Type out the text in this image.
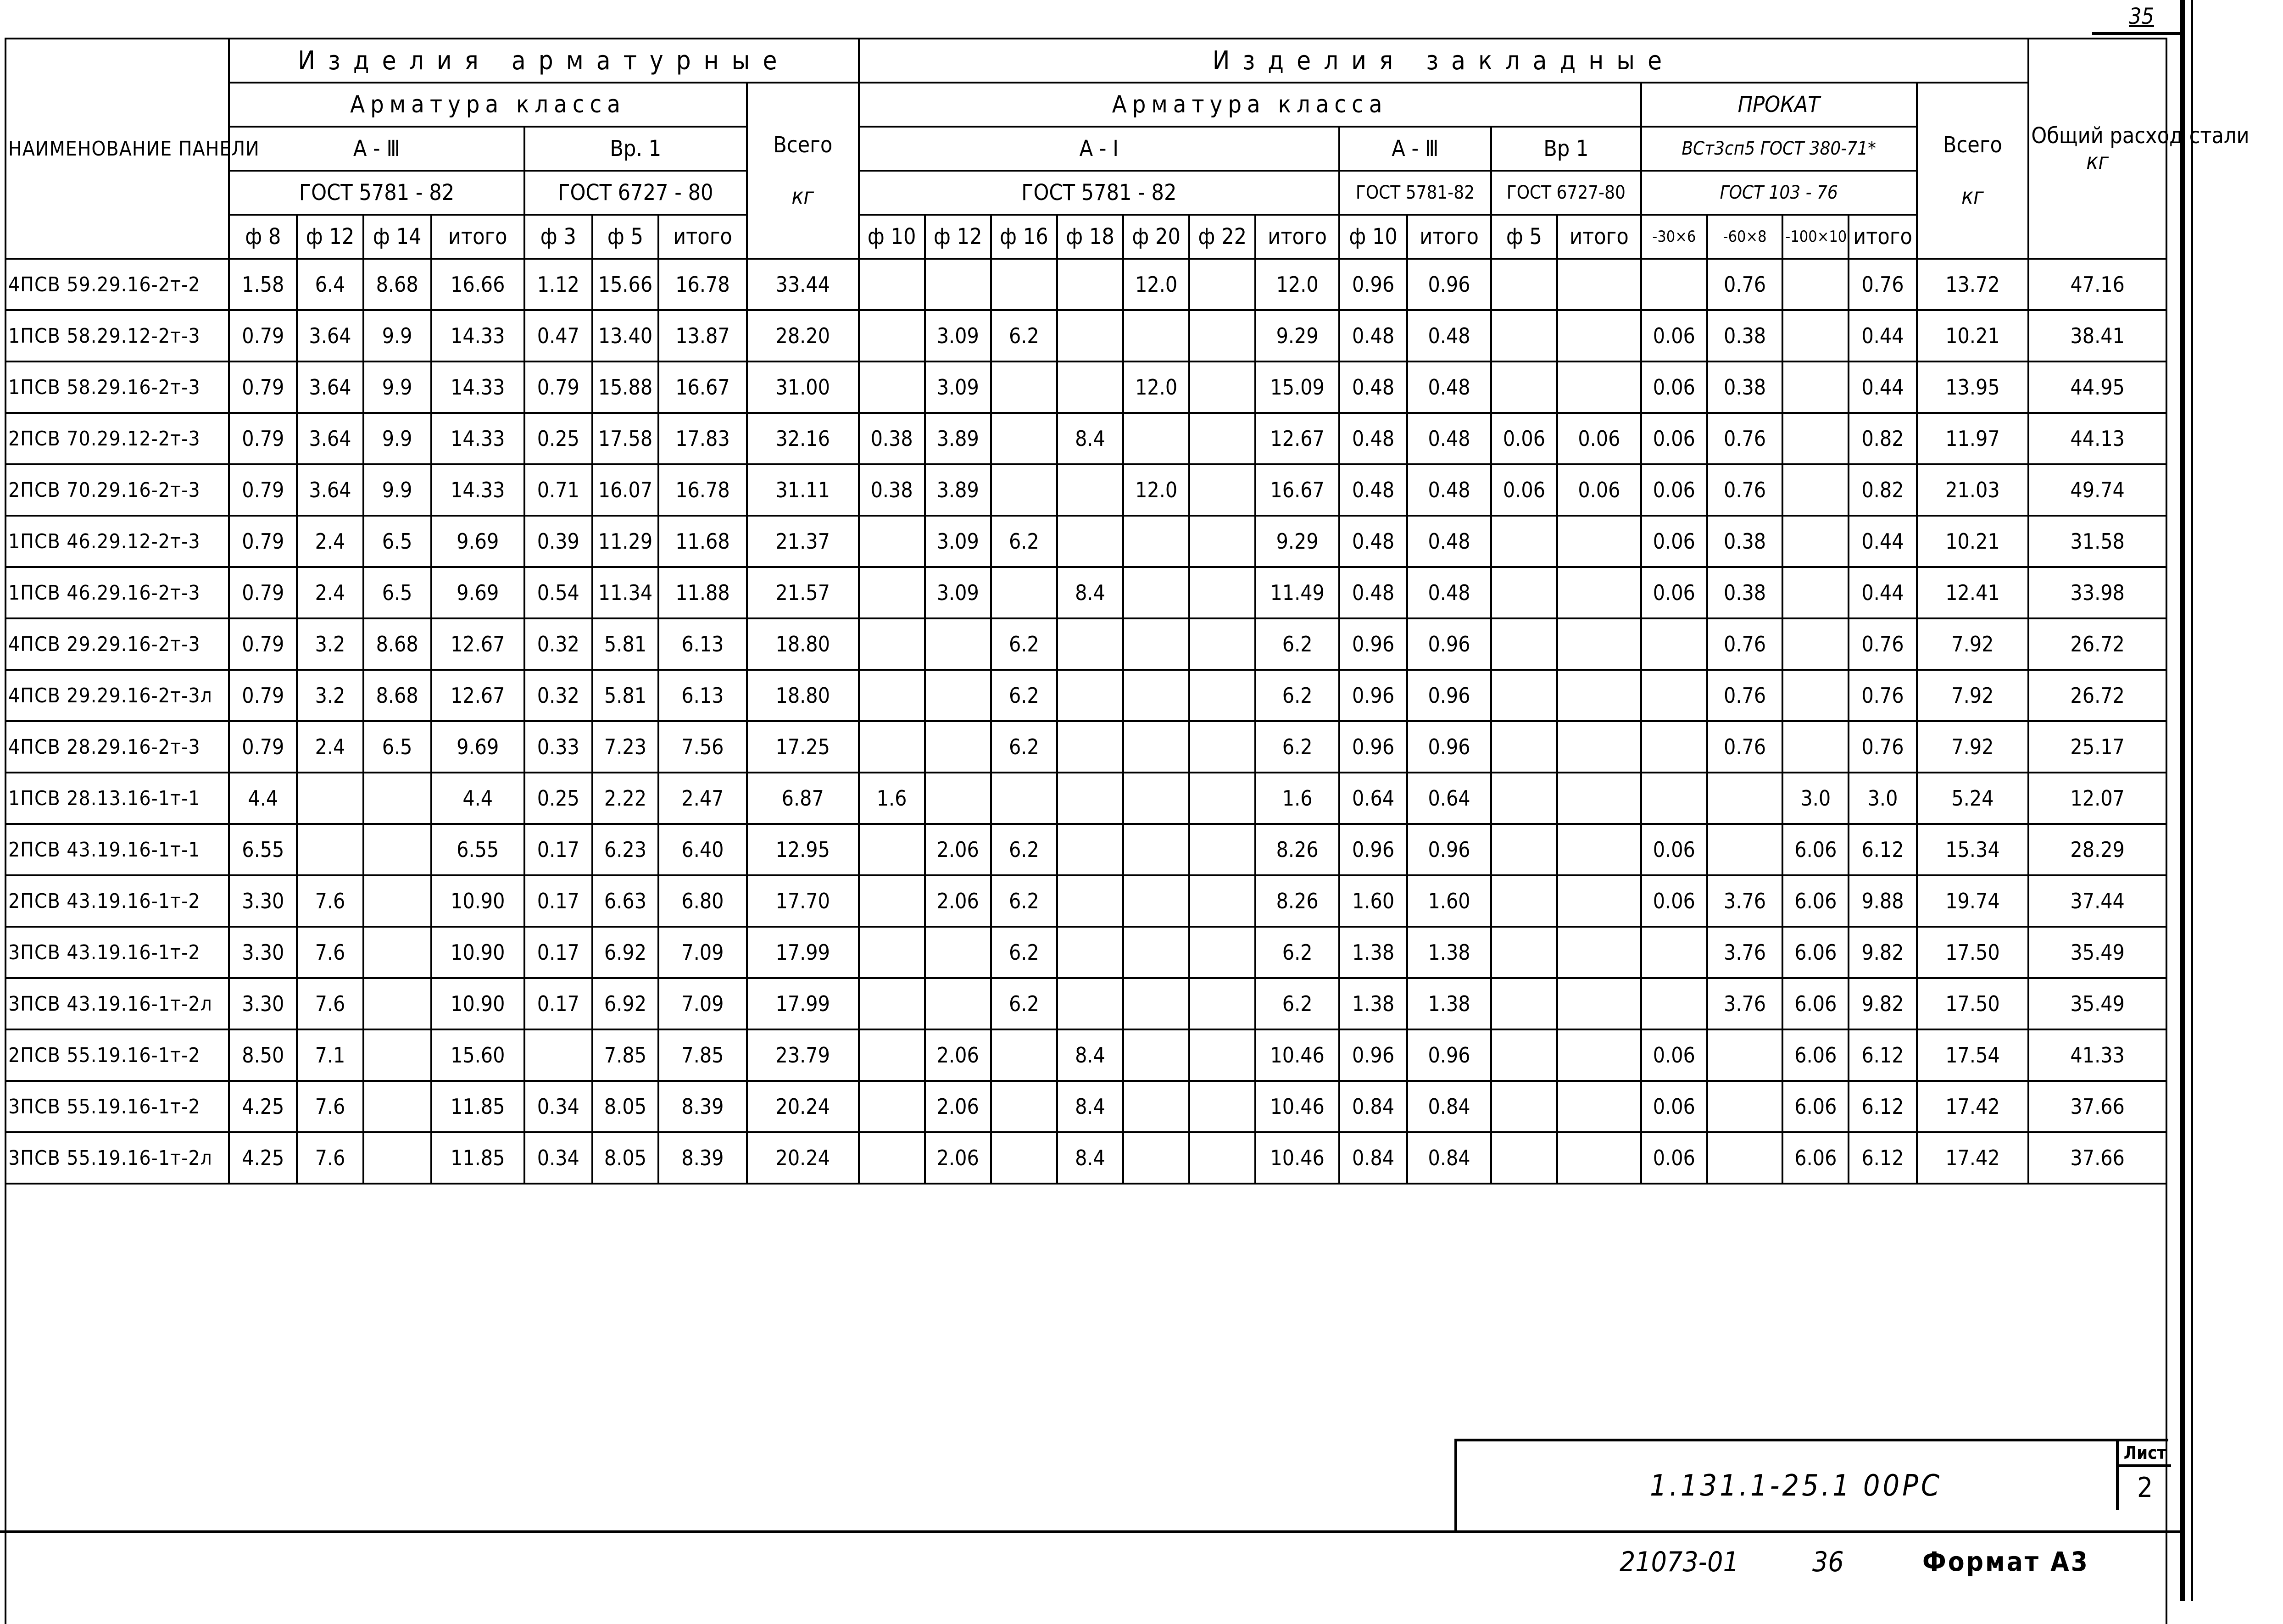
35
НАИМЕНОВАНИЕ ПАНЕЛИ	Изделия арматурные								Изделия закладные																Общий расход стали
кг
	Арматура класса							Всего

кг	Арматура класса											ПРОКАТ				Всего

кг	
	А - Ⅲ				Вр. 1				А - Ⅰ							А - Ⅲ		Вр 1		ВСт3сп5 ГОСТ 380-71*					
	ГОСТ 5781 - 82				ГОСТ 6727 - 80				ГОСТ 5781 - 82							ГОСТ 5781-82		ГОСТ 6727-80		ГОСТ 103 - 76					
	ф 8	ф 12	ф 14	итого	ф 3	ф 5	итого		ф 10	ф 12	ф 16	ф 18	ф 20	ф 22	итого	ф 10	итого	ф 5	итого	-30×6	-60×8	-100×10	итого		
4ПСВ 59.29.16-2т-2	1.58	6.4	8.68	16.66	1.12	15.66	16.78	33.44					12.0		12.0	0.96	0.96				0.76		0.76	13.72	47.16
1ПСВ 58.29.12-2т-3	0.79	3.64	9.9	14.33	0.47	13.40	13.87	28.20		3.09	6.2				9.29	0.48	0.48			0.06	0.38		0.44	10.21	38.41
1ПСВ 58.29.16-2т-3	0.79	3.64	9.9	14.33	0.79	15.88	16.67	31.00		3.09			12.0		15.09	0.48	0.48			0.06	0.38		0.44	13.95	44.95
2ПСВ 70.29.12-2т-3	0.79	3.64	9.9	14.33	0.25	17.58	17.83	32.16	0.38	3.89		8.4			12.67	0.48	0.48	0.06	0.06	0.06	0.76		0.82	11.97	44.13
2ПСВ 70.29.16-2т-3	0.79	3.64	9.9	14.33	0.71	16.07	16.78	31.11	0.38	3.89			12.0		16.67	0.48	0.48	0.06	0.06	0.06	0.76		0.82	21.03	49.74
1ПСВ 46.29.12-2т-3	0.79	2.4	6.5	9.69	0.39	11.29	11.68	21.37		3.09	6.2				9.29	0.48	0.48			0.06	0.38		0.44	10.21	31.58
1ПСВ 46.29.16-2т-3	0.79	2.4	6.5	9.69	0.54	11.34	11.88	21.57		3.09		8.4			11.49	0.48	0.48			0.06	0.38		0.44	12.41	33.98
4ПСВ 29.29.16-2т-3	0.79	3.2	8.68	12.67	0.32	5.81	6.13	18.80			6.2				6.2	0.96	0.96				0.76		0.76	7.92	26.72
4ПСВ 29.29.16-2т-3л	0.79	3.2	8.68	12.67	0.32	5.81	6.13	18.80			6.2				6.2	0.96	0.96				0.76		0.76	7.92	26.72
4ПСВ 28.29.16-2т-3	0.79	2.4	6.5	9.69	0.33	7.23	7.56	17.25			6.2				6.2	0.96	0.96				0.76		0.76	7.92	25.17
1ПСВ 28.13.16-1т-1	4.4			4.4	0.25	2.22	2.47	6.87	1.6						1.6	0.64	0.64					3.0	3.0	5.24	12.07
2ПСВ 43.19.16-1т-1	6.55			6.55	0.17	6.23	6.40	12.95		2.06	6.2				8.26	0.96	0.96			0.06		6.06	6.12	15.34	28.29
2ПСВ 43.19.16-1т-2	3.30	7.6		10.90	0.17	6.63	6.80	17.70		2.06	6.2				8.26	1.60	1.60			0.06	3.76	6.06	9.88	19.74	37.44
3ПСВ 43.19.16-1т-2	3.30	7.6		10.90	0.17	6.92	7.09	17.99			6.2				6.2	1.38	1.38				3.76	6.06	9.82	17.50	35.49
3ПСВ 43.19.16-1т-2л	3.30	7.6		10.90	0.17	6.92	7.09	17.99			6.2				6.2	1.38	1.38				3.76	6.06	9.82	17.50	35.49
2ПСВ 55.19.16-1т-2	8.50	7.1		15.60		7.85	7.85	23.79		2.06		8.4			10.46	0.96	0.96			0.06		6.06	6.12	17.54	41.33
3ПСВ 55.19.16-1т-2	4.25	7.6		11.85	0.34	8.05	8.39	20.24		2.06		8.4			10.46	0.84	0.84			0.06		6.06	6.12	17.42	37.66
3ПСВ 55.19.16-1т-2л	4.25	7.6		11.85	0.34	8.05	8.39	20.24		2.06		8.4			10.46	0.84	0.84			0.06		6.06	6.12	17.42	37.66

1.131.1-25.1 00РС
Лист
2
21073-01	36	Формат А3
